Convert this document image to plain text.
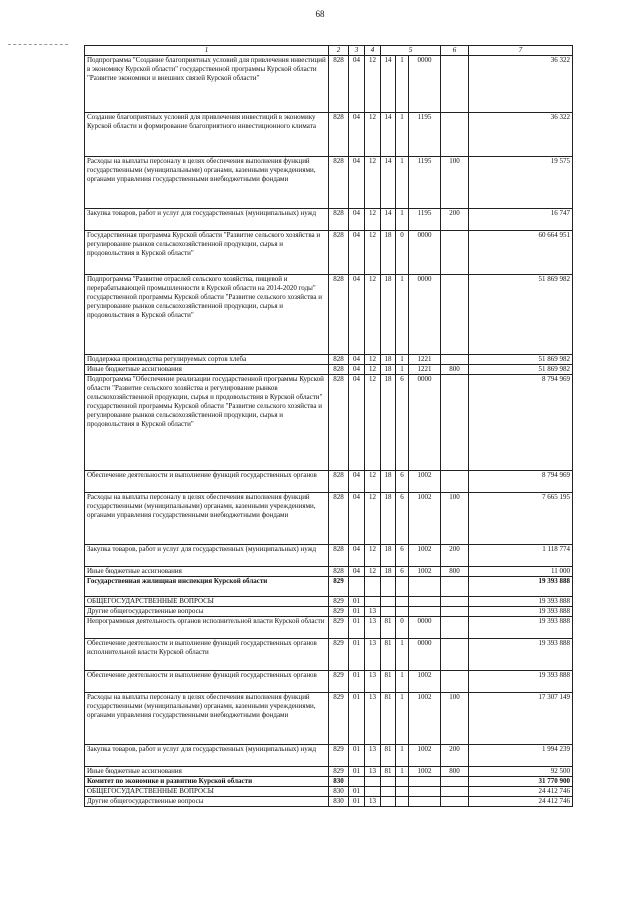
68
1	2	3	4	5			6	7
Подпрограмма "Создание благоприятных условий для привлечения инвестиций в экономику Курской области" государственной программы Курской области "Развитие экономики и внешних связей Курской области"	828	04	12	14	1	0000		36 322
Создание благоприятных условий для привлечения инвестиций в экономику Курской области и формирование благоприятного инвестиционного климата	828	04	12	14	1	1195		36 322
Расходы на выплаты персоналу в целях обеспечения выполнения функций государственными (муниципальными) органами, казенными учреждениями, органами управления государственными внебюджетными фондами	828	04	12	14	1	1195	100	19 575
Закупка товаров, работ и услуг для государственных (муниципальных) нужд	828	04	12	14	1	1195	200	16 747
Государственная программа Курской области "Развитие сельского хозяйства и регулирование рынков сельскохозяйственной продукции, сырья и продовольствия в Курской области"	828	04	12	18	0	0000		60 664 951
Подпрограмма "Развитие отраслей сельского хозяйства, пищевой и перерабатывающей промышленности в Курской области на 2014-2020 годы" государственной программы Курской области "Развитие сельского хозяйства и регулирование рынков сельскохозяйственной продукции, сырья и продовольствия в Курской области"	828	04	12	18	1	0000		51 869 982
Поддержка производства регулируемых сортов хлеба	828	04	12	18	1	1221		51 869 982
Иные бюджетные ассигнования	828	04	12	18	1	1221	800	51 869 982
Подпрограмма "Обеспечение реализации государственной программы Курской области "Развитие сельского хозяйства и регулирование рынков сельскохозяйственной продукции, сырья и продовольствия в Курской области" государственной программы Курской области "Развитие сельского хозяйства и регулирование рынков сельскохозяйственной продукции, сырья и продовольствия в Курской области"	828	04	12	18	6	0000		8 794 969
Обеспечение деятельности и выполнение функций государственных органов	828	04	12	18	6	1002		8 794 969
Расходы на выплаты персоналу в целях обеспечения выполнения функций государственными (муниципальными) органами, казенными учреждениями, органами управления государственными внебюджетными фондами	828	04	12	18	6	1002	100	7 665 195
Закупка товаров, работ и услуг для государственных (муниципальных) нужд	828	04	12	18	6	1002	200	1 118 774
Иные бюджетные ассигнования	828	04	12	18	6	1002	800	11 000
Государственная жилищная инспекция Курской области	829							19 393 888
ОБЩЕГОСУДАРСТВЕННЫЕ ВОПРОСЫ	829	01						19 393 888
Другие общегосударственные вопросы	829	01	13					19 393 888
Непрограммная деятельность органов исполнительной власти Курской области	829	01	13	81	0	0000		19 393 888
Обеспечение деятельности и выполнение функций государственных органов исполнительной власти Курской области	829	01	13	81	1	0000		19 393 888
Обеспечение деятельности и выполнение функций государственных органов	829	01	13	81	1	1002		19 393 888
Расходы на выплаты персоналу в целях обеспечения выполнения функций государственными (муниципальными) органами, казенными учреждениями, органами управления государственными внебюджетными фондами	829	01	13	81	1	1002	100	17 307 149
Закупка товаров, работ и услуг для государственных (муниципальных) нужд	829	01	13	81	1	1002	200	1 994 239
Иные бюджетные ассигнования	829	01	13	81	1	1002	800	92 500
Комитет по экономике и развитию Курской области	830							31 770 900
ОБЩЕГОСУДАРСТВЕННЫЕ ВОПРОСЫ	830	01						24 412 746
Другие общегосударственные вопросы	830	01	13					24 412 746
